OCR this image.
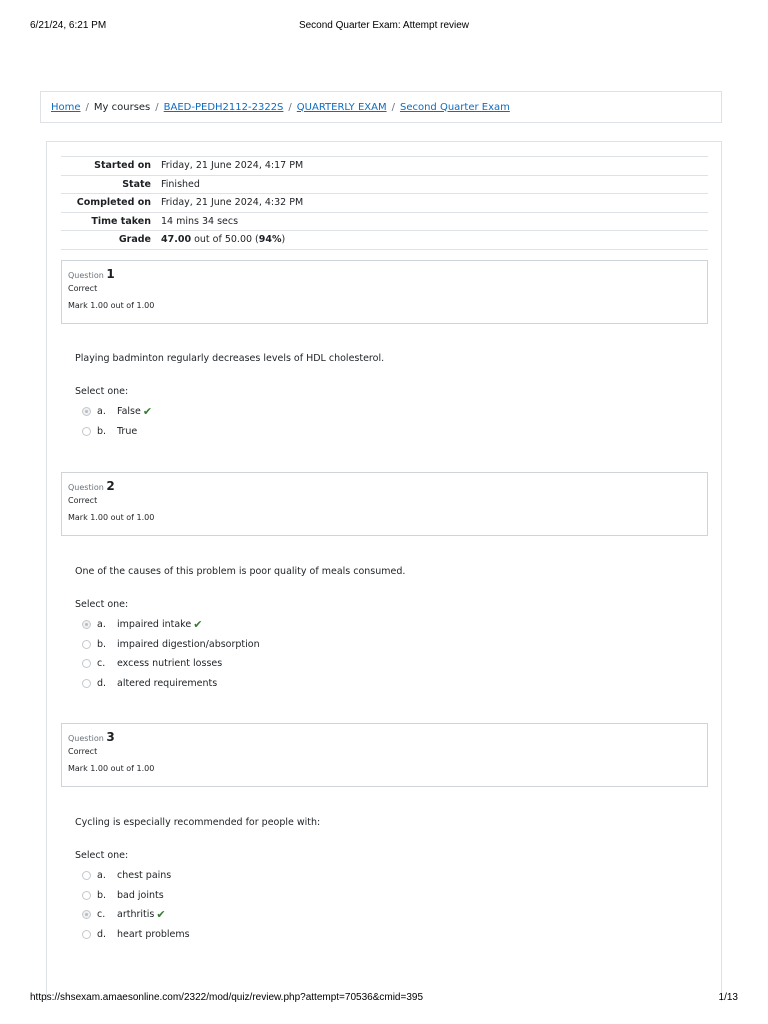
6/21/24, 6:21 PM	Second Quarter Exam: Attempt review
Home / My courses / BAED-PEDH2112-2322S / QUARTERLY EXAM / Second Quarter Exam
Started on	Friday, 21 June 2024, 4:17 PM
State	Finished
Completed on	Friday, 21 June 2024, 4:32 PM
Time taken	14 mins 34 secs
Grade	47.00 out of 50.00 (94%)
Question 1
Correct
Mark 1.00 out of 1.00
Playing badminton regularly decreases levels of HDL cholesterol.
Select one:
a.	False ✔
b.	True
Question 2
Correct
Mark 1.00 out of 1.00
One of the causes of this problem is poor quality of meals consumed.
Select one:
a.	impaired intake ✔
b.	impaired digestion/absorption
c.	excess nutrient losses
d.	altered requirements
Question 3
Correct
Mark 1.00 out of 1.00
Cycling is especially recommended for people with:
Select one:
a.	chest pains
b.	bad joints
c.	arthritis ✔
d.	heart problems
https://shsexam.amaesonline.com/2322/mod/quiz/review.php?attempt=70536&cmid=395	1/13
